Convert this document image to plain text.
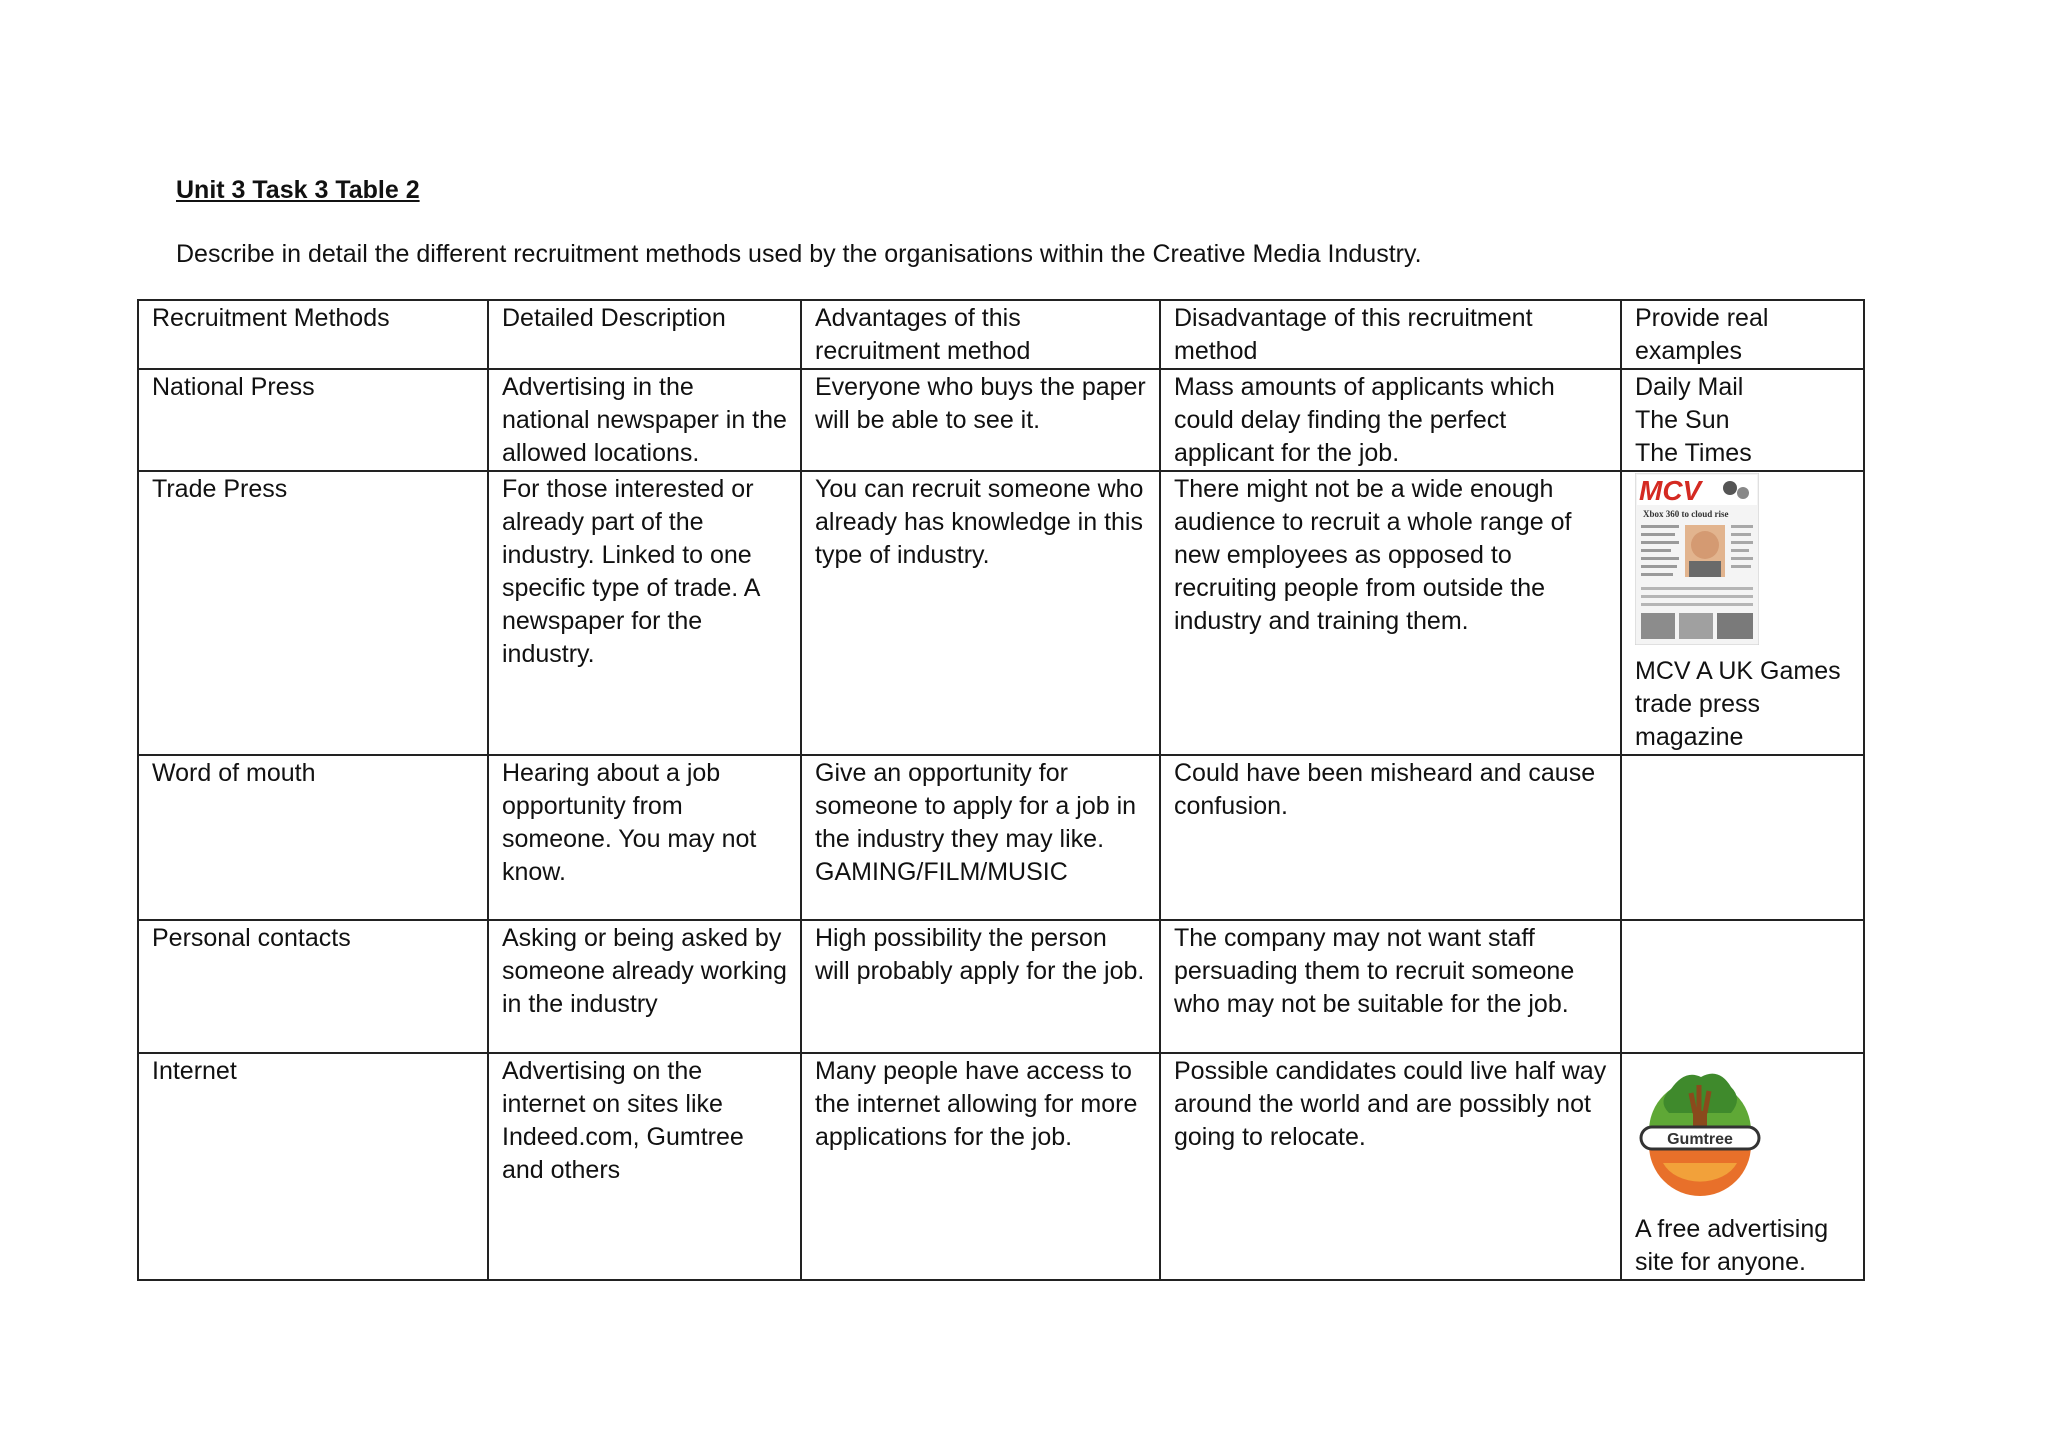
Unit 3 Task 3 Table 2
Describe in detail the different recruitment methods used by the organisations within the Creative Media Industry.
Recruitment Methods	Detailed Description	Advantages of this recruitment method	Disadvantage of this recruitment method	Provide real examples

National Press	Advertising in the national newspaper in the allowed locations.	Everyone who buys the paper will be able to see it.	Mass amounts of applicants which could delay finding the perfect applicant for the job.	Daily Mail
The Sun
The Times

Trade Press	For those interested or already part of the industry. Linked to one specific type of trade. A newspaper for the industry.	You can recruit someone who already has knowledge in this type of industry.	There might not be a wide enough audience to recruit a whole range of new employees as opposed to recruiting people from outside the industry and training them.	MCV
Xbox 360 to cloud rise
MCV A UK Games trade press magazine

Word of mouth	Hearing about a job opportunity from someone. You may not know.	Give an opportunity for someone to apply for a job in the industry they may like. GAMING/FILM/MUSIC	Could have been misheard and cause confusion.	

Personal contacts	Asking or being asked by someone already working in the industry	High possibility the person will probably apply for the job.	The company may not want staff persuading them to recruit someone who may not be suitable for the job.	

Internet	Advertising on the internet on sites like Indeed.com, Gumtree and others	Many people have access to the internet allowing for more applications for the job.	Possible candidates could live half way around the world and are possibly not going to relocate.	Gumtree
A free advertising site for anyone.
